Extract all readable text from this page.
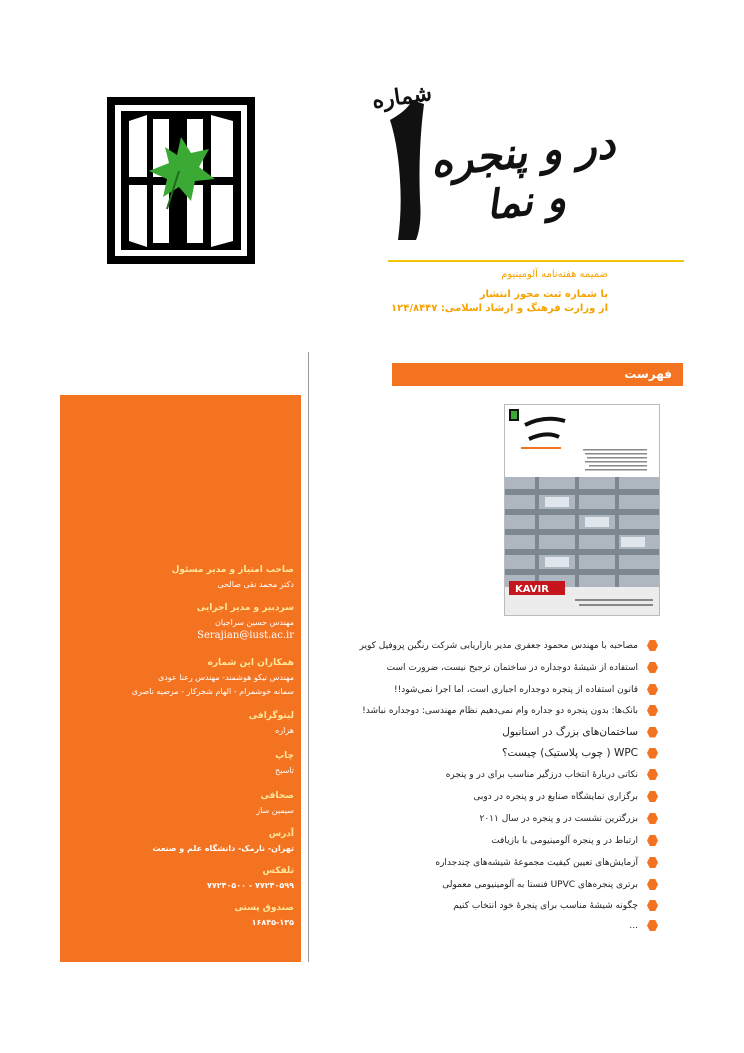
شماره
در و پنجره
و نما
ضمیمه هفته‌نامه آلومینیوم
با شماره ثبت مجوز انتشار
از وزارت فرهنگ و ارشاد اسلامی: ۱۲۴/۸۴۴۷
صاحب امتیاز و مدیر مسئول
دکتر محمد نقی صالحی
سردبیر و مدیر اجرایی
مهندس حسین سراجیان
Serajian@iust.ac.ir
همکاران این شماره
مهندس نیکو هوشمند- مهندس رعنا عودی
سمانه خوشمرام - الهام شجرکار - مرضیه ناصری
لیتوگرافی
هزاره
چاپ
تاسیح
صحافی
سیمین ساز
آدرس
تهران- نارمک- دانشگاه علم و صنعت
تلفکس
۷۷۲۴۰۵۹۹ - ۷۷۲۴۰۵۰۰
صندوق پستی
۱۶۸۴۵-۱۳۵
فهرست
KAVIR
مصاحبه با مهندس محمود جعفری مدیر بازاریابی شرکت رنگین پروفیل کویر
استفاده از شیشهٔ دوجداره در ساختمان ترجیح نیست، ضرورت است
قانون استفاده از پنجره دوجداره اجباری است، اما اجرا نمی‌شود!!
بانک‌ها: بدون پنجره دو جداره وام نمی‌دهیم نظام مهندسی: دوجداره نباشد!
ساختمان‌های بزرگ در استانبول
WPC ( چوب پلاستیک) چیست؟
نکاتی دربارهٔ انتخاب درزگیر مناسب برای در و پنجره
برگزاری نمایشگاه صنایع در و پنجره در دوبی
بزرگترین نشست در و پنجره در سال ۲۰۱۱
ارتباط در و پنجره آلومینیومی با بازیافت
آزمایش‌های تعیین کیفیت مجموعهٔ شیشه‌های چندجداره
برتری پنجره‌های UPVC فنستا به آلومینیومی معمولی
چگونه شیشهٔ مناسب برای پنجرهٔ خود انتخاب کنیم
...
